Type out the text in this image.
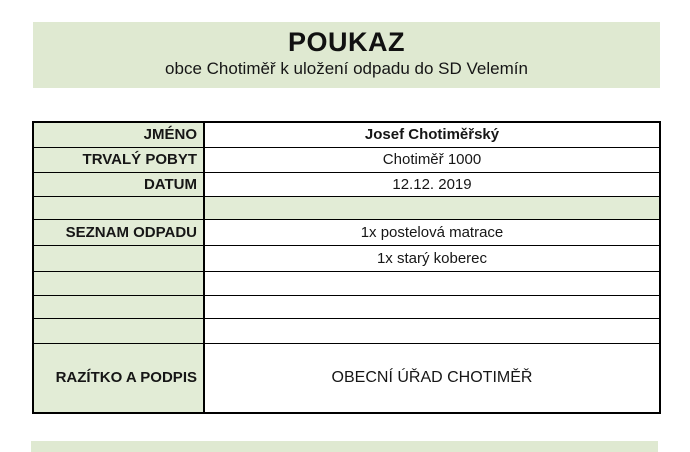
POUKAZ
obce Chotiměř k uložení odpadu do SD Velemín
JMÉNO	Josef Chotiměřský
TRVALÝ POBYT	Chotiměř 1000
DATUM	12.12. 2019

SEZNAM ODPADU	1x postelová matrace
	1x starý koberec

RAZÍTKO A PODPIS	OBECNÍ ÚŘAD CHOTIMĚŘ
